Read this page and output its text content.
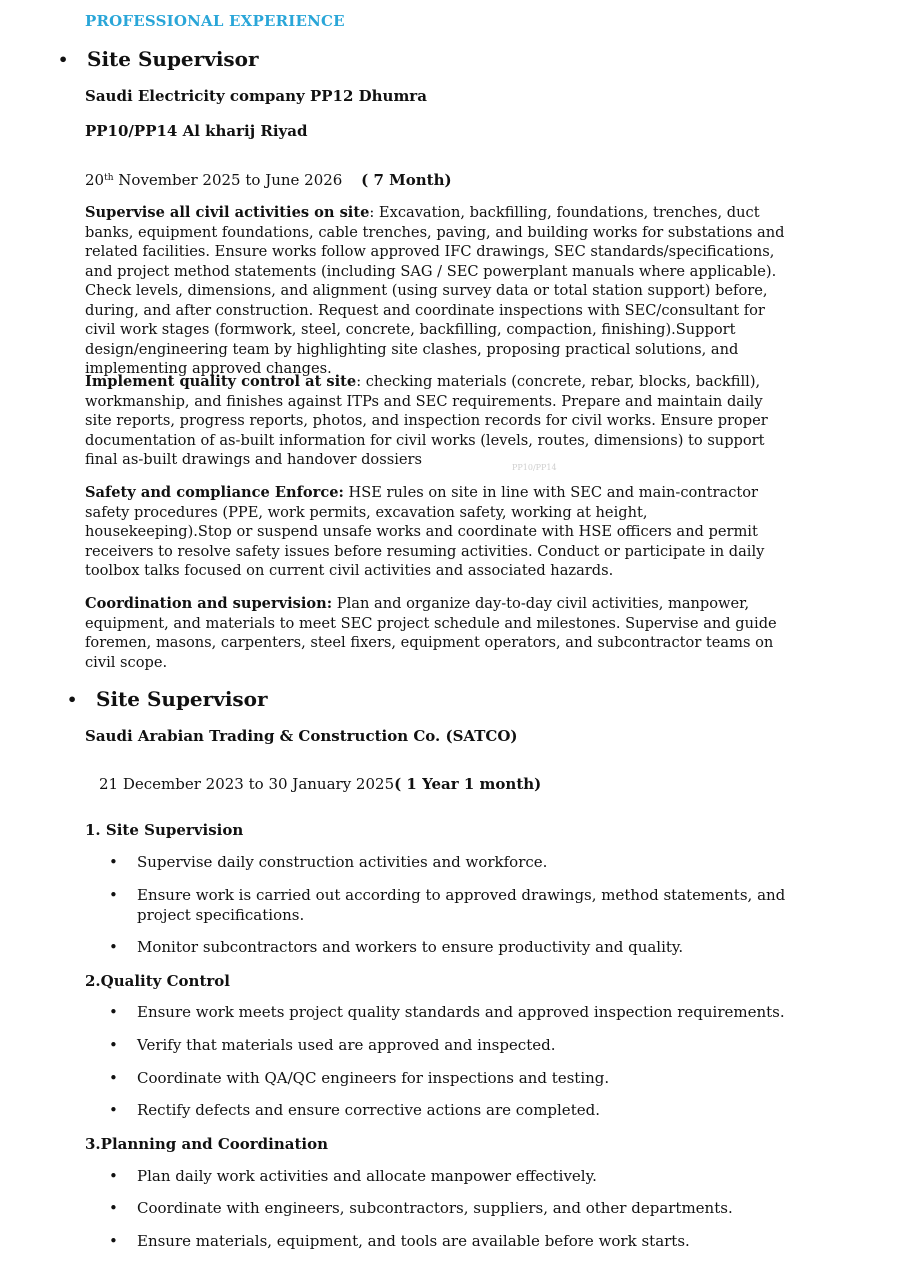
PROFESSIONAL EXPERIENCE
• Site Supervisor
Saudi Electricity company PP12 Dhumra
PP10/PP14 Al kharij Riyad
20th November 2025 to June 2026 ( 7 Month)
Supervise all civil activities on site: Excavation, backfilling, foundations, trenches, duct banks, equipment foundations, cable trenches, paving, and building works for substations and related facilities. Ensure works follow approved IFC drawings, SEC standards/specifications, and project method statements (including SAG / SEC powerplant manuals where applicable). Check levels, dimensions, and alignment (using survey data or total station support) before, during, and after construction. Request and coordinate inspections with SEC/consultant for civil work stages (formwork, steel, concrete, backfilling, compaction, finishing).Support design/engineering team by highlighting site clashes, proposing practical solutions, and implementing approved changes.
Implement quality control at site: checking materials (concrete, rebar, blocks, backfill), workmanship, and finishes against ITPs and SEC requirements. Prepare and maintain daily site reports, progress reports, photos, and inspection records for civil works. Ensure proper documentation of as-built information for civil works (levels, routes, dimensions) to support final as-built drawings and handover dossiers	PP10/PP14
Safety and compliance Enforce: HSE rules on site in line with SEC and main-contractor safety procedures (PPE, work permits, excavation safety, working at height, housekeeping).Stop or suspend unsafe works and coordinate with HSE officers and permit receivers to resolve safety issues before resuming activities. Conduct or participate in daily toolbox talks focused on current civil activities and associated hazards.
Coordination and supervision: Plan and organize day-to-day civil activities, manpower, equipment, and materials to meet SEC project schedule and milestones. Supervise and guide foremen, masons, carpenters, steel fixers, equipment operators, and subcontractor teams on civil scope.
• Site Supervisor
Saudi Arabian Trading & Construction Co. (SATCO)
21 December 2023 to 30 January 2025( 1 Year 1 month)
1. Site Supervision
• Supervise daily construction activities and workforce.
• Ensure work is carried out according to approved drawings, method statements, and project specifications.
• Monitor subcontractors and workers to ensure productivity and quality.
2.Quality Control
• Ensure work meets project quality standards and approved inspection requirements.
• Verify that materials used are approved and inspected.
• Coordinate with QA/QC engineers for inspections and testing.
• Rectify defects and ensure corrective actions are completed.
3.Planning and Coordination
• Plan daily work activities and allocate manpower effectively.
• Coordinate with engineers, subcontractors, suppliers, and other departments.
• Ensure materials, equipment, and tools are available before work starts.
